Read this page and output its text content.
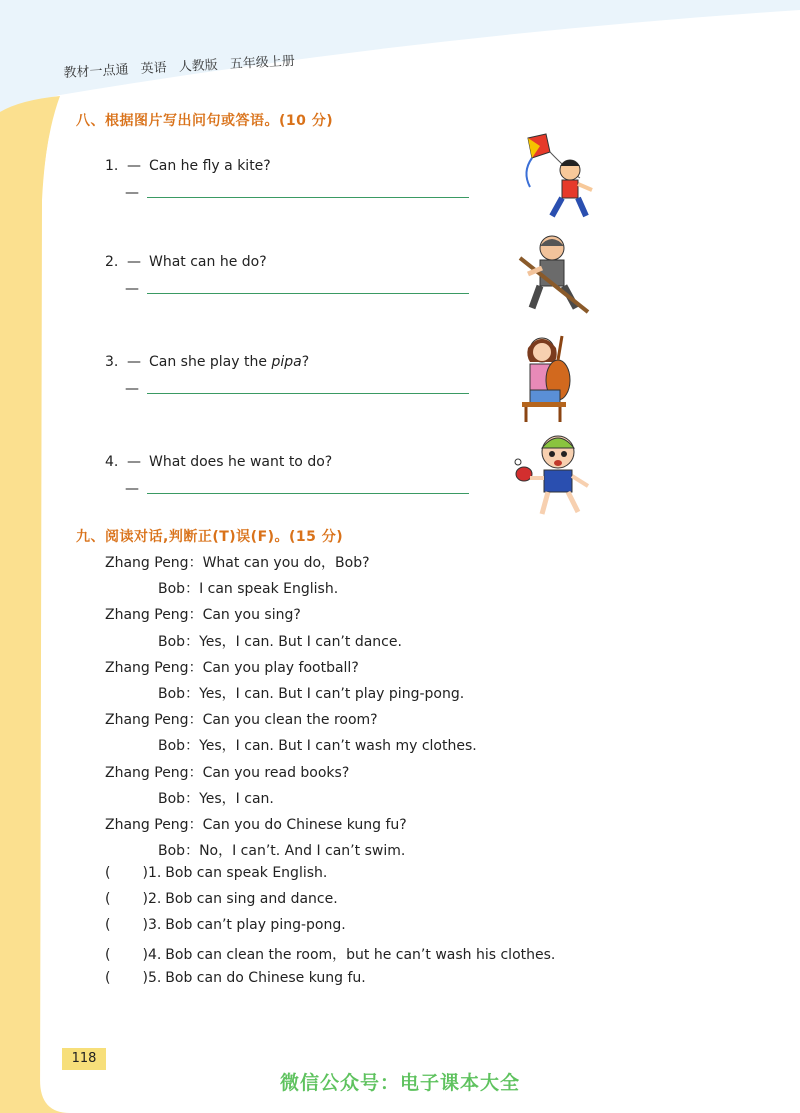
教材一点通 英语 人教版 五年级上册
八、根据图片写出问句或答语。(10 分)
1. — Can he fly a kite?
—
2. — What can he do?
—
3. — Can she play the pipa?
—
4. — What does he want to do?
—
九、阅读对话,判断正(T)误(F)。(15 分)
Zhang Peng：What can you do，Bob?
Bob：I can speak English.
Zhang Peng：Can you sing?
Bob：Yes，I can. But I can’t dance.
Zhang Peng：Can you play football?
Bob：Yes，I can. But I can’t play ping-pong.
Zhang Peng：Can you clean the room?
Bob：Yes，I can. But I can’t wash my clothes.
Zhang Peng：Can you read books?
Bob：Yes，I can.
Zhang Peng：Can you do Chinese kung fu?
Bob：No，I can’t. And I can’t swim.
( )1. Bob can speak English.
( )2. Bob can sing and dance.
( )3. Bob can’t play ping-pong.
( )4. Bob can clean the room，but he can’t wash his clothes.
( )5. Bob can do Chinese kung fu.
118
微信公众号：电子课本大全
